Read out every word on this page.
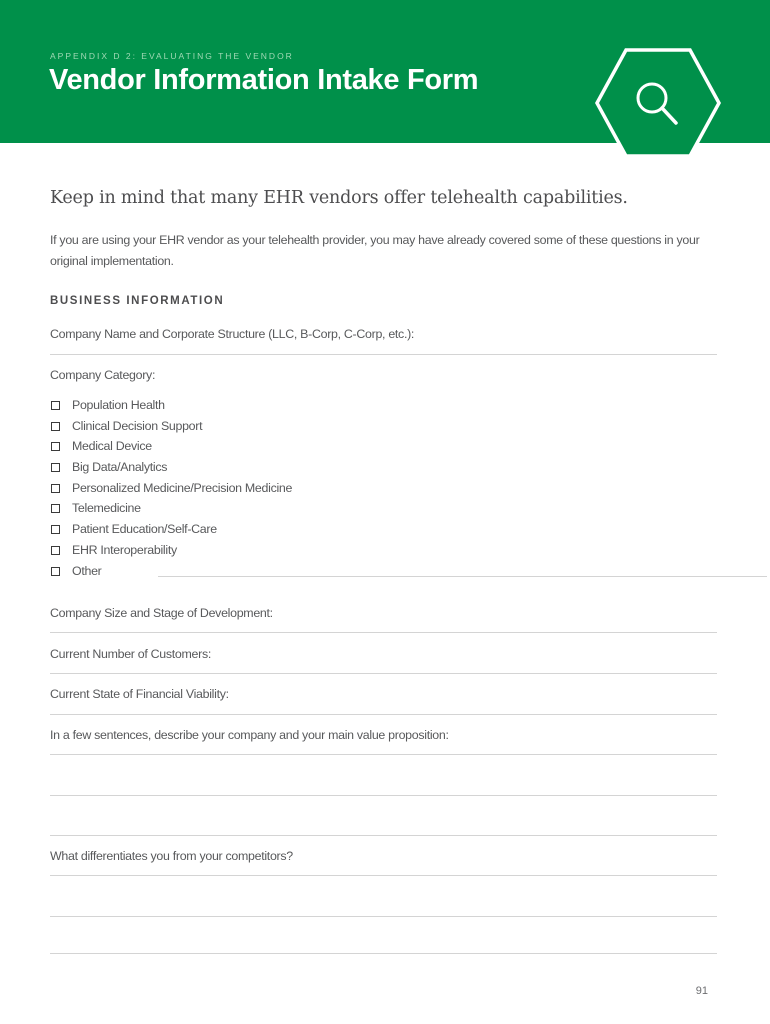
APPENDIX D 2: EVALUATING THE VENDOR
Vendor Information Intake Form
Keep in mind that many EHR vendors offer telehealth capabilities.
If you are using your EHR vendor as your telehealth provider, you may have already covered some of these questions in your original implementation.
BUSINESS INFORMATION
Company Name and Corporate Structure (LLC, B-Corp, C-Corp, etc.):
Company Category:
Population Health
Clinical Decision Support
Medical Device
Big Data/Analytics
Personalized Medicine/Precision Medicine
Telemedicine
Patient Education/Self-Care
EHR Interoperability
Other
Company Size and Stage of Development:
Current Number of Customers:
Current State of Financial Viability:
In a few sentences, describe your company and your main value proposition:
What differentiates you from your competitors?
91
